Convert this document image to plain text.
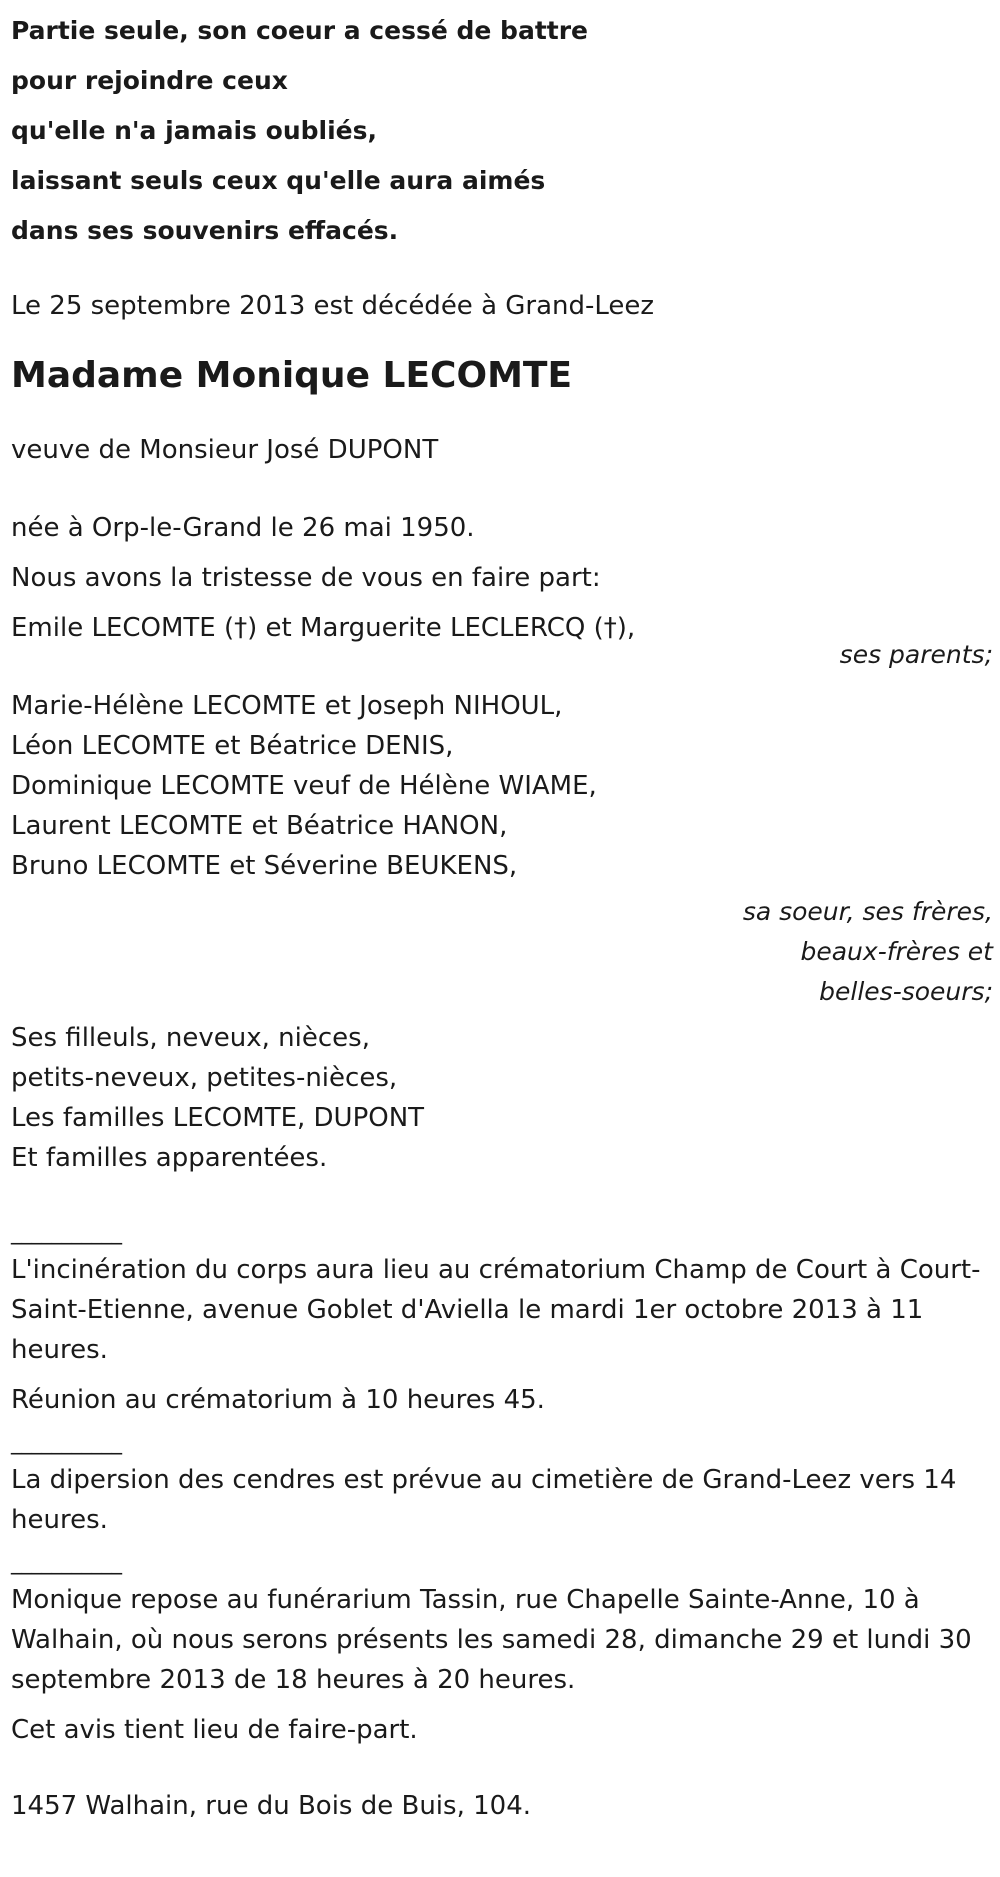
Partie seule, son coeur a cessé de battre
pour rejoindre ceux
qu'elle n'a jamais oubliés,
laissant seuls ceux qu'elle aura aimés
dans ses souvenirs effacés.
Le 25 septembre 2013 est décédée à Grand-Leez
Madame Monique LECOMTE
veuve de Monsieur José DUPONT
née à Orp-le-Grand le 26 mai 1950.
Nous avons la tristesse de vous en faire part:
Emile LECOMTE (†) et Marguerite LECLERCQ (†),
ses parents;
Marie-Hélène LECOMTE et Joseph NIHOUL,
Léon LECOMTE et Béatrice DENIS,
Dominique LECOMTE veuf de Hélène WIAME,
Laurent LECOMTE et Béatrice HANON,
Bruno LECOMTE et Séverine BEUKENS,
sa soeur, ses frères,
beaux-frères et
belles-soeurs;
Ses filleuls, neveux, nièces,
petits-neveux, petites-nièces,
Les familles LECOMTE, DUPONT
Et familles apparentées.
___________
L'incinération du corps aura lieu au crématorium Champ de Court à Court-Saint-Etienne, avenue Goblet d'Aviella le mardi 1er octobre 2013 à 11 heures.
Réunion au crématorium à 10 heures 45.
___________
La dipersion des cendres est prévue au cimetière de Grand-Leez vers 14 heures.
___________
Monique repose au funérarium Tassin, rue Chapelle Sainte-Anne, 10 à Walhain, où nous serons présents les samedi 28, dimanche 29 et lundi 30 septembre 2013 de 18 heures à 20 heures.
Cet avis tient lieu de faire-part.
1457 Walhain, rue du Bois de Buis, 104.
